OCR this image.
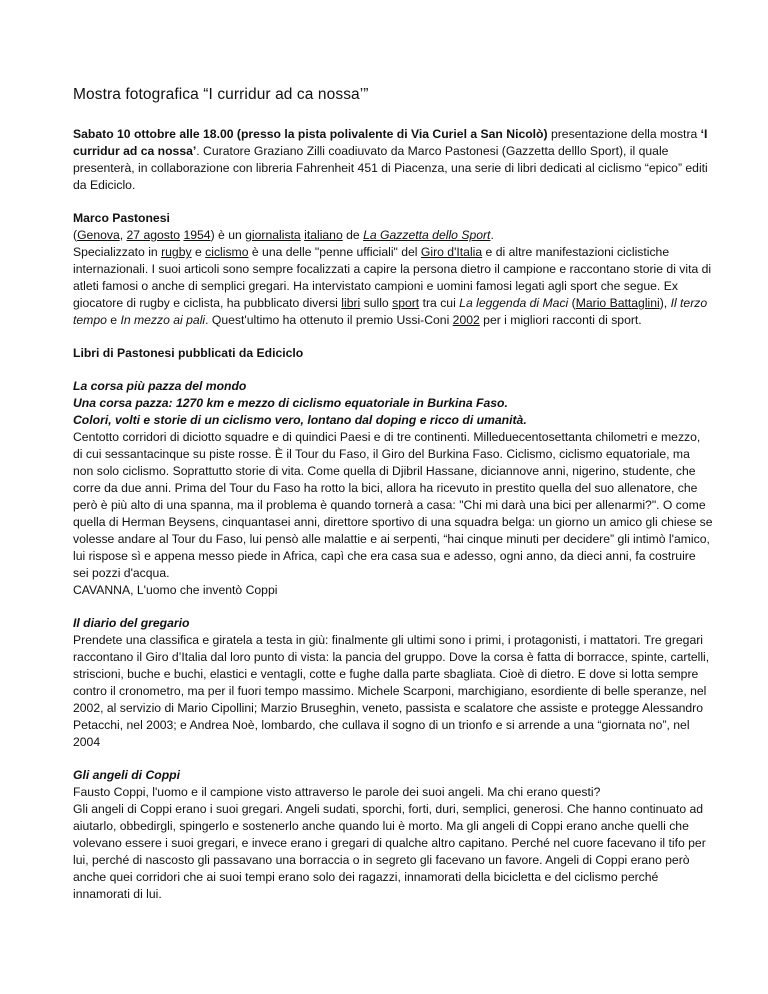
Mostra fotografica “I curridur ad ca nossa’”

Sabato 10 ottobre alle 18.00 (presso la pista polivalente di Via Curiel a San Nicolò) presentazione della mostra ‘I curridur ad ca nossa’. Curatore Graziano Zilli coadiuvato da Marco Pastonesi (Gazzetta delllo Sport), il quale presenterà, in collaborazione con libreria Fahrenheit 451 di Piacenza, una serie di libri dedicati al ciclismo “epico” editi da Ediciclo.

Marco Pastonesi
(Genova, 27 agosto 1954) è un giornalista italiano de La Gazzetta dello Sport.
Specializzato in rugby e ciclismo è una delle "penne ufficiali" del Giro d'Italia e di altre manifestazioni ciclistiche internazionali. I suoi articoli sono sempre focalizzati a capire la persona dietro il campione e raccontano storie di vita di atleti famosi o anche di semplici gregari. Ha intervistato campioni e uomini famosi legati agli sport che segue. Ex giocatore di rugby e ciclista, ha pubblicato diversi libri sullo sport tra cui La leggenda di Maci (Mario Battaglini), Il terzo tempo e In mezzo ai pali. Quest'ultimo ha ottenuto il premio Ussi-Coni 2002 per i migliori racconti di sport.

Libri di Pastonesi pubblicati da Ediciclo

La corsa più pazza del mondo
Una corsa pazza: 1270 km e mezzo di ciclismo equatoriale in Burkina Faso.
Colori, volti e storie di un ciclismo vero, lontano dal doping e ricco di umanità.
Centotto corridori di diciotto squadre e di quindici Paesi e di tre continenti. Milleduecentosettanta chilometri e mezzo, di cui sessantacinque su piste rosse. È il Tour du Faso, il Giro del Burkina Faso. Ciclismo, ciclismo equatoriale, ma non solo ciclismo. Soprattutto storie di vita. Come quella di Djibril Hassane, diciannove anni, nigerino, studente, che corre da due anni. Prima del Tour du Faso ha rotto la bici, allora ha ricevuto in prestito quella del suo allenatore, che però è più alto di una spanna, ma il problema è quando tornerà a casa: "Chi mi darà una bici per allenarmi?". O come quella di Herman Beysens, cinquantasei anni, direttore sportivo di una squadra belga: un giorno un amico gli chiese se volesse andare al Tour du Faso, lui pensò alle malattie e ai serpenti, “hai cinque minuti per decidere” gli intimò l'amico, lui rispose sì e appena messo piede in Africa, capì che era casa sua e adesso, ogni anno, da dieci anni, fa costruire sei pozzi d'acqua.
CAVANNA, L'uomo che inventò Coppi

Il diario del gregario
Prendete una classifica e giratela a testa in giù: finalmente gli ultimi sono i primi, i protagonisti, i mattatori. Tre gregari raccontano il Giro d’Italia dal loro punto di vista: la pancia del gruppo. Dove la corsa è fatta di borracce, spinte, cartelli, striscioni, buche e buchi, elastici e ventagli, cotte e fughe dalla parte sbagliata. Cioè di dietro. E dove si lotta sempre contro il cronometro, ma per il fuori tempo massimo. Michele Scarponi, marchigiano, esordiente di belle speranze, nel 2002, al servizio di Mario Cipollini; Marzio Bruseghin, veneto, passista e scalatore che assiste e protegge Alessandro Petacchi, nel 2003; e Andrea Noè, lombardo, che cullava il sogno di un trionfo e si arrende a una “giornata no”, nel 2004

Gli angeli di Coppi
Fausto Coppi, l'uomo e il campione visto attraverso le parole dei suoi angeli. Ma chi erano questi?
Gli angeli di Coppi erano i suoi gregari. Angeli sudati, sporchi, forti, duri, semplici, generosi. Che hanno continuato ad aiutarlo, obbedirgli, spingerlo e sostenerlo anche quando lui è morto. Ma gli angeli di Coppi erano anche quelli che volevano essere i suoi gregari, e invece erano i gregari di qualche altro capitano. Perché nel cuore facevano il tifo per lui, perché di nascosto gli passavano una borraccia o in segreto gli facevano un favore. Angeli di Coppi erano però anche quei corridori che ai suoi tempi erano solo dei ragazzi, innamorati della bicicletta e del ciclismo perché innamorati di lui.
